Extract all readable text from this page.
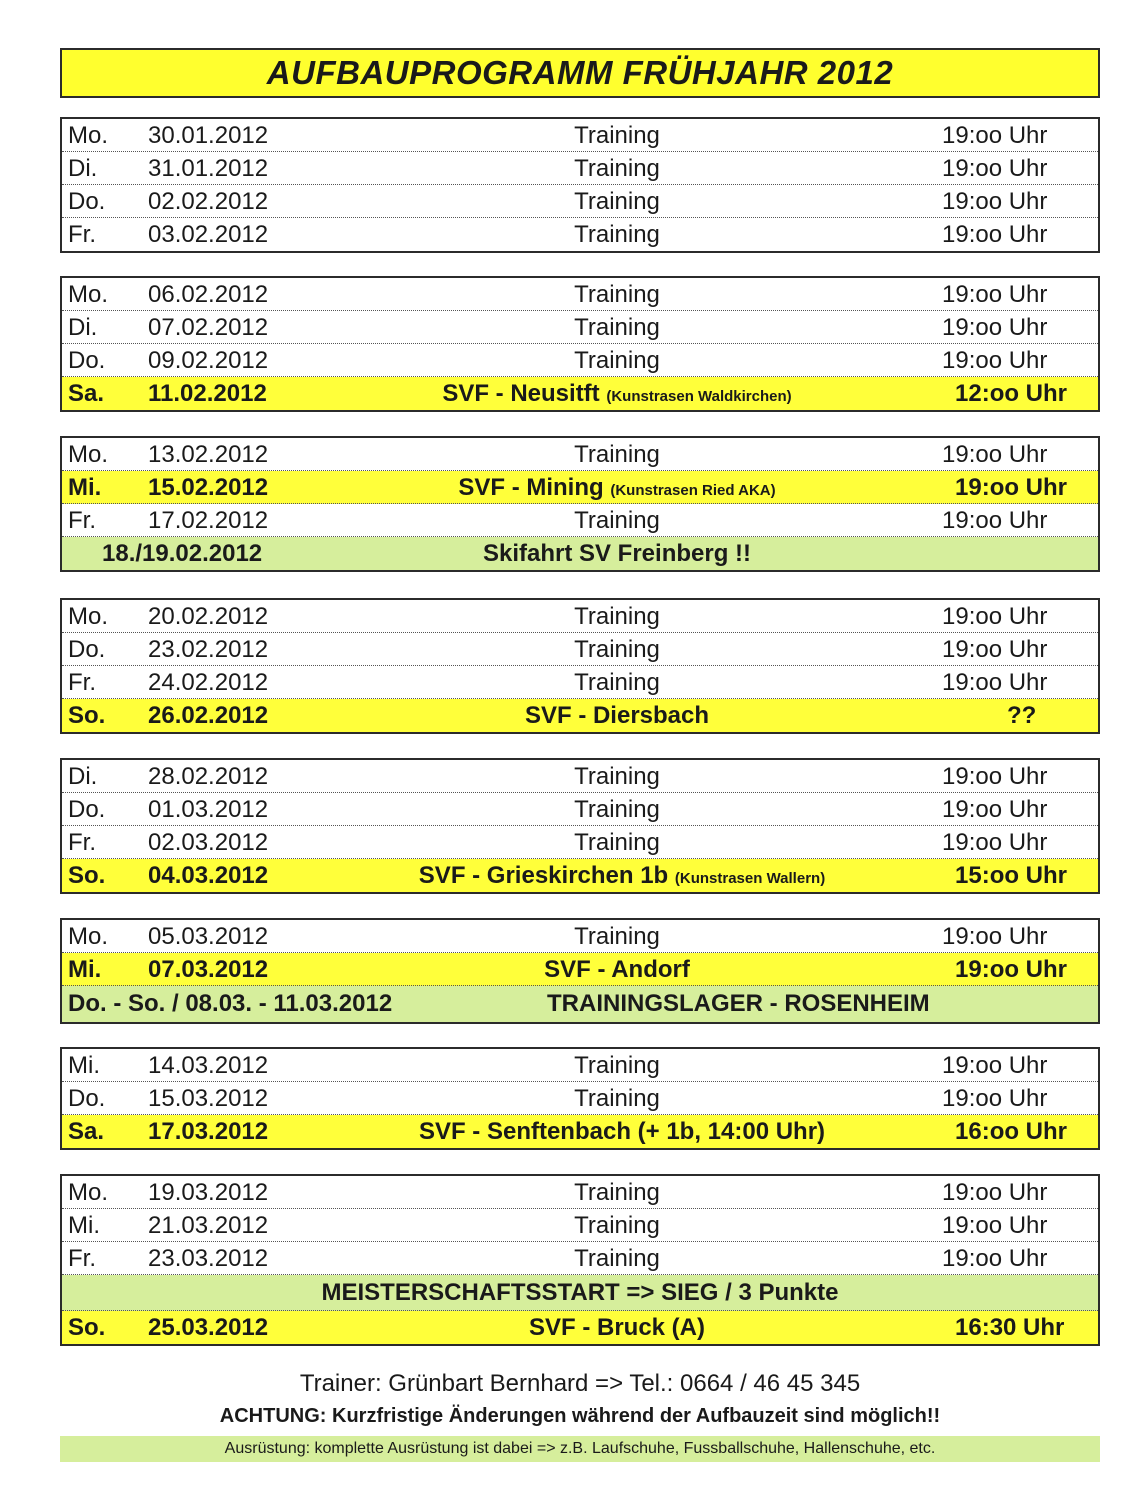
AUFBAUPROGRAMM FRÜHJAHR 2012
Mo. 30.01.2012	Training	19:oo Uhr
Di. 31.01.2012	Training	19:oo Uhr
Do. 02.02.2012	Training	19:oo Uhr
Fr. 03.02.2012	Training	19:oo Uhr
Mo. 06.02.2012	Training	19:oo Uhr
Di. 07.02.2012	Training	19:oo Uhr
Do. 09.02.2012	Training	19:oo Uhr
Sa. 11.02.2012	SVF - Neusitft (Kunstrasen Waldkirchen)	12:oo Uhr
Mo. 13.02.2012	Training	19:oo Uhr
Mi. 15.02.2012	SVF - Mining (Kunstrasen Ried AKA)	19:oo Uhr
Fr. 17.02.2012	Training	19:oo Uhr
18./19.02.2012	Skifahrt SV Freinberg !!
Mo. 20.02.2012	Training	19:oo Uhr
Do. 23.02.2012	Training	19:oo Uhr
Fr. 24.02.2012	Training	19:oo Uhr
So. 26.02.2012	SVF - Diersbach	??
Di. 28.02.2012	Training	19:oo Uhr
Do. 01.03.2012	Training	19:oo Uhr
Fr. 02.03.2012	Training	19:oo Uhr
So. 04.03.2012	SVF - Grieskirchen 1b (Kunstrasen Wallern)	15:oo Uhr
Mo. 05.03.2012	Training	19:oo Uhr
Mi. 07.03.2012	SVF - Andorf	19:oo Uhr
Do. - So. / 08.03. - 11.03.2012	TRAININGSLAGER - ROSENHEIM
Mi. 14.03.2012	Training	19:oo Uhr
Do. 15.03.2012	Training	19:oo Uhr
Sa. 17.03.2012	SVF - Senftenbach (+ 1b, 14:00 Uhr)	16:oo Uhr
Mo. 19.03.2012	Training	19:oo Uhr
Mi. 21.03.2012	Training	19:oo Uhr
Fr. 23.03.2012	Training	19:oo Uhr
MEISTERSCHAFTSSTART => SIEG / 3 Punkte
So. 25.03.2012	SVF - Bruck (A)	16:30 Uhr
Trainer: Grünbart Bernhard => Tel.: 0664 / 46 45 345
ACHTUNG: Kurzfristige Änderungen während der Aufbauzeit sind möglich!!
Ausrüstung: komplette Ausrüstung ist dabei => z.B. Laufschuhe, Fussballschuhe, Hallenschuhe, etc.
